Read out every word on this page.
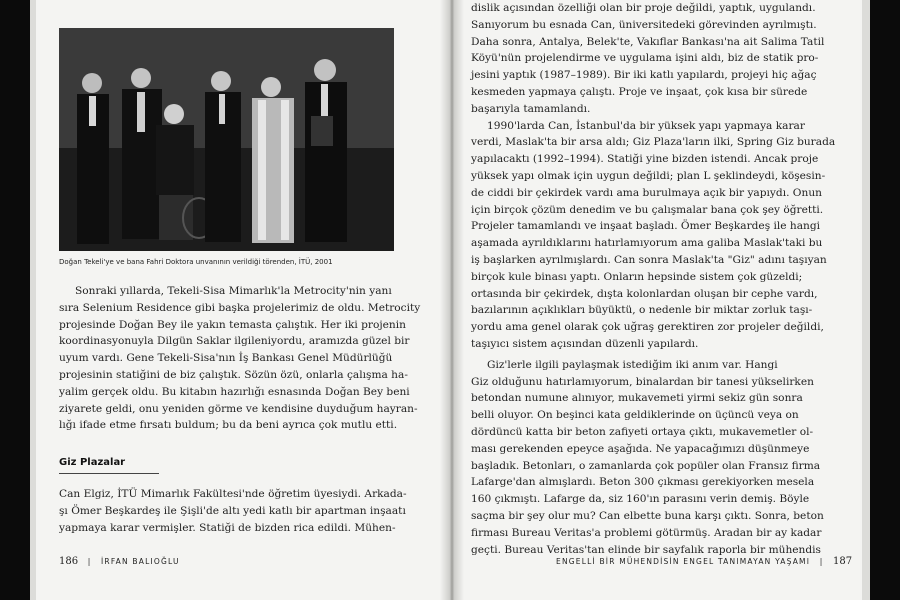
Doğan Tekeli'ye ve bana Fahri Doktora unvanının verildiği törenden, İTÜ, 2001
Sonraki yıllarda, Tekeli-Sisa Mimarlık'la Metrocity'nin yanı
sıra Selenium Residence gibi başka projelerimiz de oldu. Metrocity
projesinde Doğan Bey ile yakın temasta çalıştık. Her iki projenin
koordinasyonuyla Dilgün Saklar ilgileniyordu, aramızda güzel bir
uyum vardı. Gene Tekeli-Sisa'nın İş Bankası Genel Müdürlüğü
projesinin statiğini de biz çalıştık. Sözün özü, onlarla çalışma ha-
yalim gerçek oldu. Bu kitabın hazırlığı esnasında Doğan Bey beni
ziyarete geldi, onu yeniden görme ve kendisine duyduğum hayran-
lığı ifade etme fırsatı buldum; bu da beni ayrıca çok mutlu etti.
Giz Plazalar
Can Elgiz, İTÜ Mimarlık Fakültesi'nde öğretim üyesiydi. Arkada-
şı Ömer Beşkardeş ile Şişli'de altı yedi katlı bir apartman inşaatı
yapmaya karar vermişler. Statiği de bizden rica edildi. Mühen-
186 | İRFAN BALIOĞLU
dislik açısından özelliği olan bir proje değildi, yaptık, uygulandı.
Sanıyorum bu esnada Can, üniversitedeki görevinden ayrılmıştı.
Daha sonra, Antalya, Belek'te, Vakıflar Bankası'na ait Salima Tatil
Köyü'nün projelendirme ve uygulama işini aldı, biz de statik pro-
jesini yaptık (1987–1989). Bir iki katlı yapılardı, projeyi hiç ağaç
kesmeden yapmaya çalıştı. Proje ve inşaat, çok kısa bir sürede
başarıyla tamamlandı.
1990'larda Can, İstanbul'da bir yüksek yapı yapmaya karar
verdi, Maslak'ta bir arsa aldı; Giz Plaza'ların ilki, Spring Giz burada
yapılacaktı (1992–1994). Statiği yine bizden istendi. Ancak proje
yüksek yapı olmak için uygun değildi; plan L şeklindeydi, köşesin-
de ciddi bir çekirdek vardı ama burulmaya açık bir yapıydı. Onun
için birçok çözüm denedim ve bu çalışmalar bana çok şey öğretti.
Projeler tamamlandı ve inşaat başladı. Ömer Beşkardeş ile hangi
aşamada ayrıldıklarını hatırlamıyorum ama galiba Maslak'taki bu
iş başlarken ayrılmışlardı. Can sonra Maslak'ta "Giz" adını taşıyan
birçok kule binası yaptı. Onların hepsinde sistem çok güzeldi;
ortasında bir çekirdek, dışta kolonlardan oluşan bir cephe vardı,
bazılarının açıklıkları büyüktü, o nedenle bir miktar zorluk taşı-
yordu ama genel olarak çok uğraş gerektiren zor projeler değildi,
taşıyıcı sistem açısından düzenli yapılardı.
Giz'lerle ilgili paylaşmak istediğim iki anım var. Hangi
Giz olduğunu hatırlamıyorum, binalardan bir tanesi yükselirken
betondan numune alınıyor, mukavemeti yirmi sekiz gün sonra
belli oluyor. On beşinci kata geldiklerinde on üçüncü veya on
dördüncü katta bir beton zafiyeti ortaya çıktı, mukavemetler ol-
ması gerekenden epeyce aşağıda. Ne yapacağımızı düşünmeye
başladık. Betonları, o zamanlarda çok popüler olan Fransız firma
Lafarge'dan almışlardı. Beton 300 çıkması gerekiyorken mesela
160 çıkmıştı. Lafarge da, siz 160'ın parasını verin demiş. Böyle
saçma bir şey olur mu? Can elbette buna karşı çıktı. Sonra, beton
firması Bureau Veritas'a problemi götürmüş. Aradan bir ay kadar
geçti. Bureau Veritas'tan elinde bir sayfalık raporla bir mühendis
ENGELLİ BİR MÜHENDİSİN ENGEL TANIMAYAN YAŞAMI | 187
